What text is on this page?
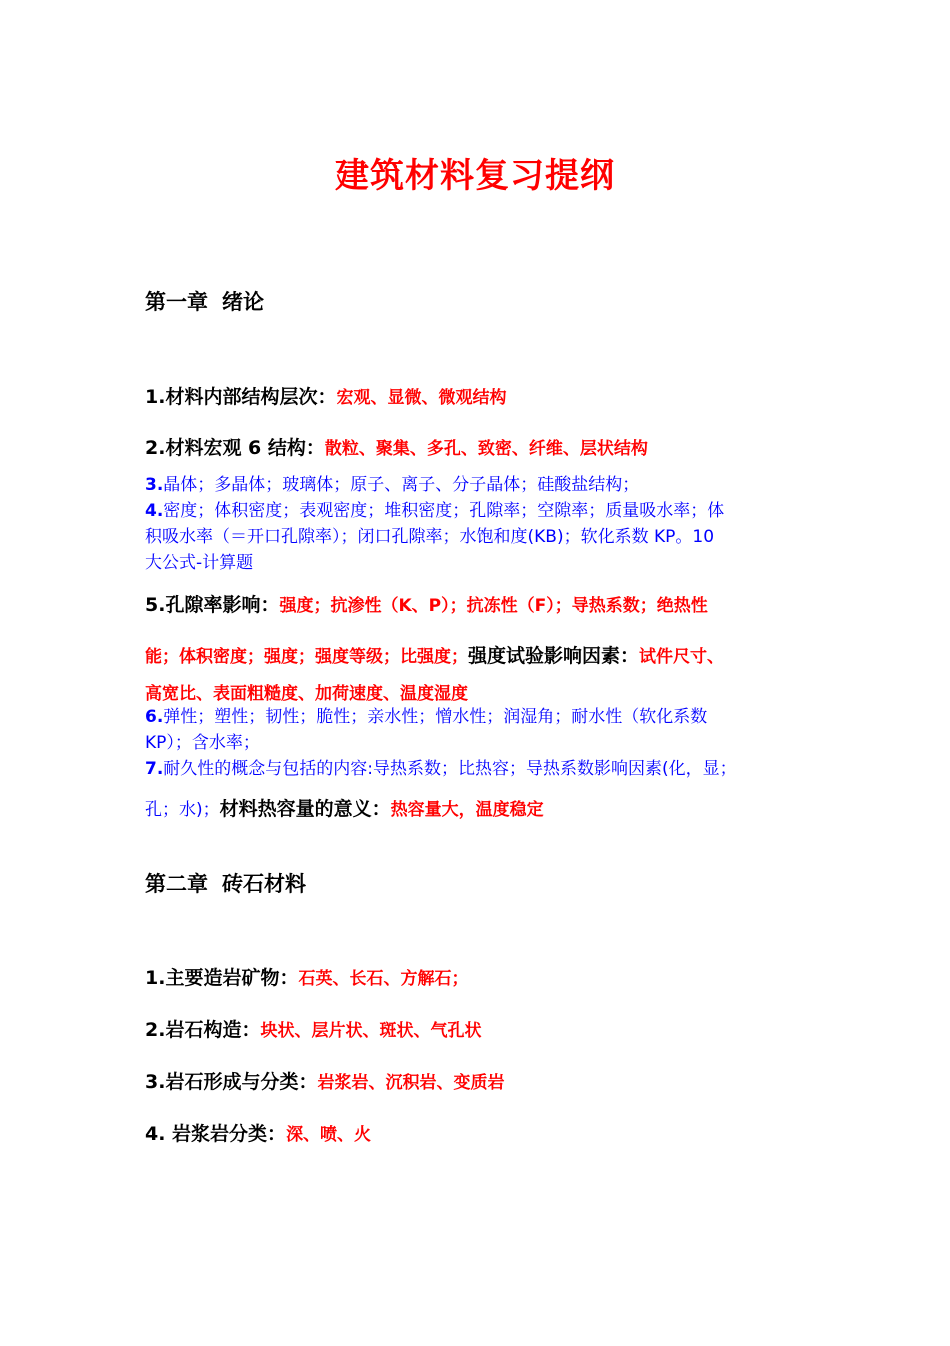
建筑材料复习提纲
第一章 绪论
1.材料内部结构层次：宏观、显微、微观结构
2.材料宏观 6 结构：散粒、聚集、多孔、致密、纤维、层状结构
3.晶体；多晶体；玻璃体；原子、离子、分子晶体；硅酸盐结构；
4.密度；体积密度；表观密度；堆积密度；孔隙率；空隙率；质量吸水率；体
积吸水率（＝开口孔隙率）；闭口孔隙率；水饱和度(KB)；软化系数 KP。10
大公式-计算题
5.孔隙率影响：强度；抗渗性（K、P）；抗冻性（F）；导热系数；绝热性
能；体积密度；强度；强度等级；比强度；强度试验影响因素：试件尺寸、
高宽比、表面粗糙度、加荷速度、温度湿度
6.弹性；塑性；韧性；脆性；亲水性；憎水性；润湿角；耐水性（软化系数
KP）；含水率；
7.耐久性的概念与包括的内容:导热系数；比热容；导热系数影响因素(化，显；
孔；水)；材料热容量的意义：热容量大，温度稳定
第二章 砖石材料
1.主要造岩矿物：石英、长石、方解石；
2.岩石构造：块状、层片状、斑状、气孔状
3.岩石形成与分类：岩浆岩、沉积岩、变质岩
4. 岩浆岩分类：深、喷、火
